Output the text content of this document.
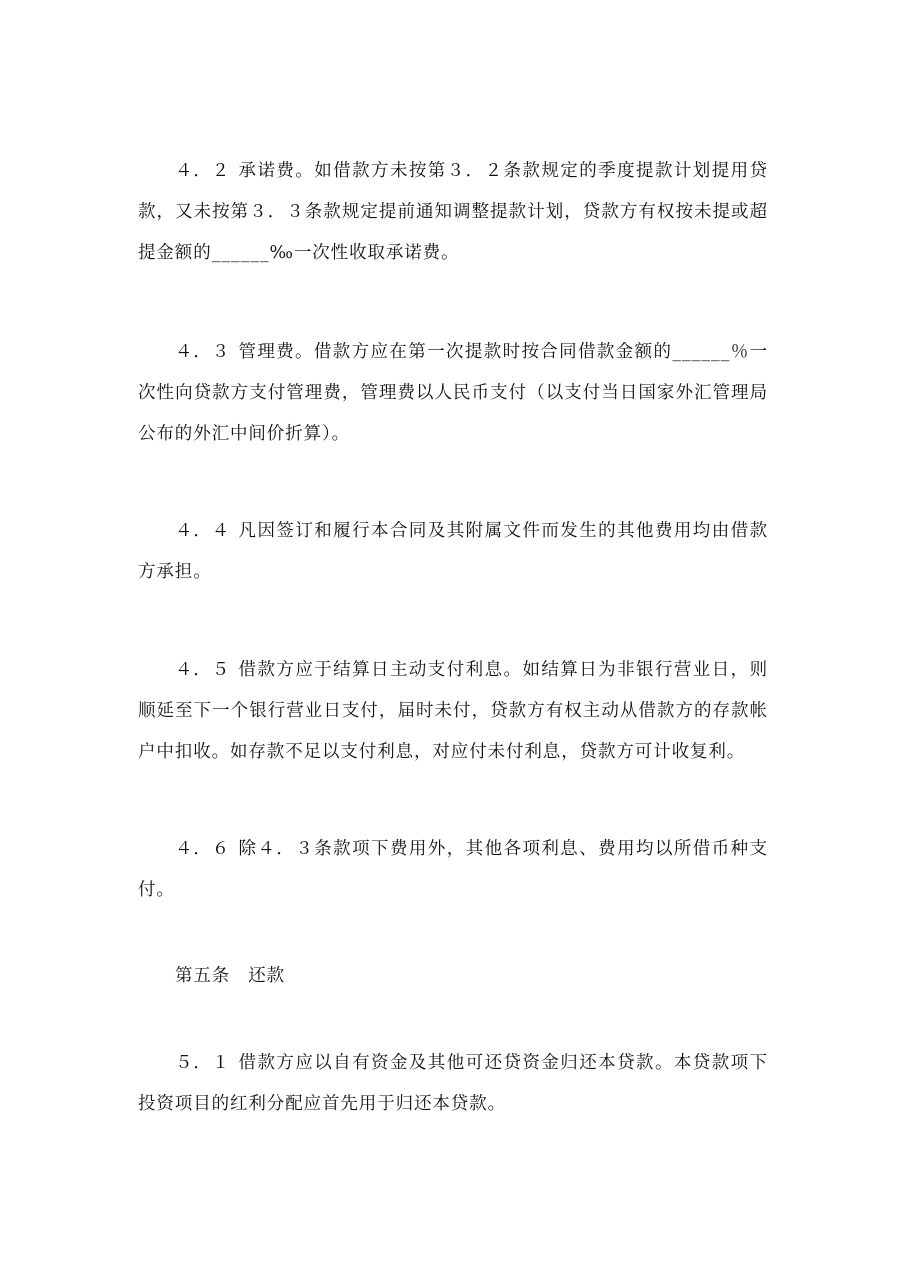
４．２ 承诺费。如借款方未按第３．２条款规定的季度提款计划提用贷款，又未按第３．３条款规定提前通知调整提款计划，贷款方有权按未提或超提金额的______‰一次性收取承诺费。

４．３ 管理费。借款方应在第一次提款时按合同借款金额的______％一次性向贷款方支付管理费，管理费以人民币支付（以支付当日国家外汇管理局公布的外汇中间价折算）。

４．４ 凡因签订和履行本合同及其附属文件而发生的其他费用均由借款方承担。

４．５ 借款方应于结算日主动支付利息。如结算日为非银行营业日，则顺延至下一个银行营业日支付，届时未付，贷款方有权主动从借款方的存款帐户中扣收。如存款不足以支付利息，对应付未付利息，贷款方可计收复利。

４．６ 除４．３条款项下费用外，其他各项利息、费用均以所借币种支付。

第五条 还款

５．１ 借款方应以自有资金及其他可还贷资金归还本贷款。本贷款项下投资项目的红利分配应首先用于归还本贷款。
